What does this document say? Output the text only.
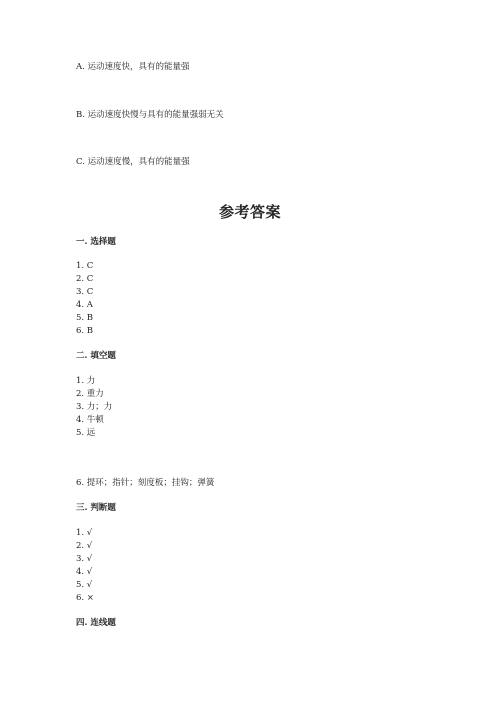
A. 运动速度快，具有的能量强
B. 运动速度快慢与具有的能量强弱无关
C. 运动速度慢，具有的能量强
参考答案
一. 选择题
1. C
2. C
3. C
4. A
5. B
6. B
二. 填空题
1. 力
2. 重力
3. 力；力
4. 牛顿
5. 远
6. 提环；指针；刻度板；挂钩；弹簧
三. 判断题
1. √
2. √
3. √
4. √
5. √
6. ×
四. 连线题
